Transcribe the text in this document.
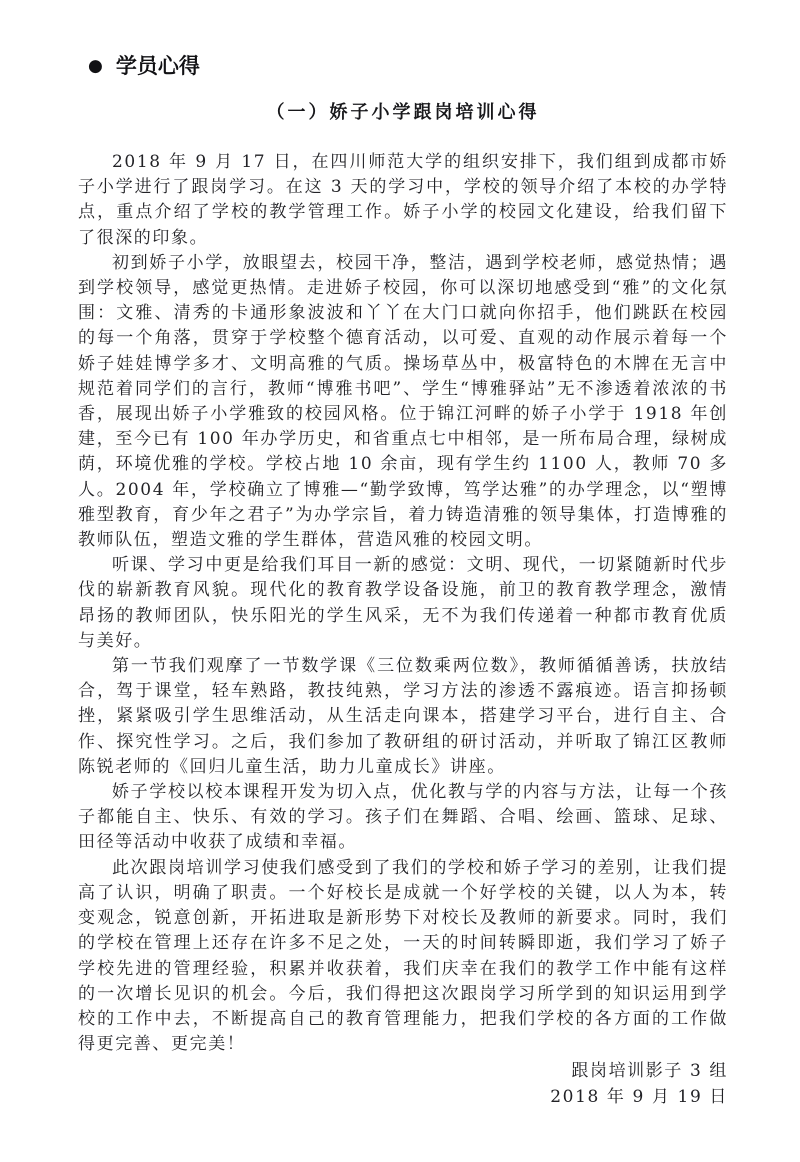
● 学员心得
（一）娇子小学跟岗培训心得

2018 年 9 月 17 日，在四川师范大学的组织安排下，我们组到成都市娇子小学进行了跟岗学习。在这 3 天的学习中，学校的领导介绍了本校的办学特点，重点介绍了学校的教学管理工作。娇子小学的校园文化建设，给我们留下了很深的印象。

初到娇子小学，放眼望去，校园干净，整洁，遇到学校老师，感觉热情；遇到学校领导，感觉更热情。走进娇子校园，你可以深切地感受到“雅”的文化氛围：文雅、清秀的卡通形象波波和丫丫在大门口就向你招手，他们跳跃在校园的每一个角落，贯穿于学校整个德育活动，以可爱、直观的动作展示着每一个娇子娃娃博学多才、文明高雅的气质。操场草丛中，极富特色的木牌在无言中规范着同学们的言行，教师“博雅书吧”、学生“博雅驿站”无不渗透着浓浓的书香，展现出娇子小学雅致的校园风格。位于锦江河畔的娇子小学于 1918 年创建，至今已有 100 年办学历史，和省重点七中相邻，是一所布局合理，绿树成荫，环境优雅的学校。学校占地 10 余亩，现有学生约 1100 人，教师 70 多人。2004 年，学校确立了博雅—“勤学致博，笃学达雅”的办学理念，以“塑博雅型教育，育少年之君子”为办学宗旨，着力铸造清雅的领导集体，打造博雅的教师队伍，塑造文雅的学生群体，营造风雅的校园文明。

听课、学习中更是给我们耳目一新的感觉：文明、现代，一切紧随新时代步伐的崭新教育风貌。现代化的教育教学设备设施，前卫的教育教学理念，激情昂扬的教师团队，快乐阳光的学生风采，无不为我们传递着一种都市教育优质与美好。

第一节我们观摩了一节数学课《三位数乘两位数》，教师循循善诱，扶放结合，驾于课堂，轻车熟路，教技纯熟，学习方法的渗透不露痕迹。语言抑扬顿挫，紧紧吸引学生思维活动，从生活走向课本，搭建学习平台，进行自主、合作、探究性学习。之后，我们参加了教研组的研讨活动，并听取了锦江区教师陈锐老师的《回归儿童生活，助力儿童成长》讲座。

娇子学校以校本课程开发为切入点，优化教与学的内容与方法，让每一个孩子都能自主、快乐、有效的学习。孩子们在舞蹈、合唱、绘画、篮球、足球、田径等活动中收获了成绩和幸福。

此次跟岗培训学习使我们感受到了我们的学校和娇子学习的差别，让我们提高了认识，明确了职责。一个好校长是成就一个好学校的关键，以人为本，转变观念，锐意创新，开拓进取是新形势下对校长及教师的新要求。同时，我们的学校在管理上还存在许多不足之处，一天的时间转瞬即逝，我们学习了娇子学校先进的管理经验，积累并收获着，我们庆幸在我们的教学工作中能有这样的一次增长见识的机会。今后，我们得把这次跟岗学习所学到的知识运用到学校的工作中去，不断提高自己的教育管理能力，把我们学校的各方面的工作做得更完善、更完美！

跟岗培训影子 3 组
2018 年 9 月 19 日
